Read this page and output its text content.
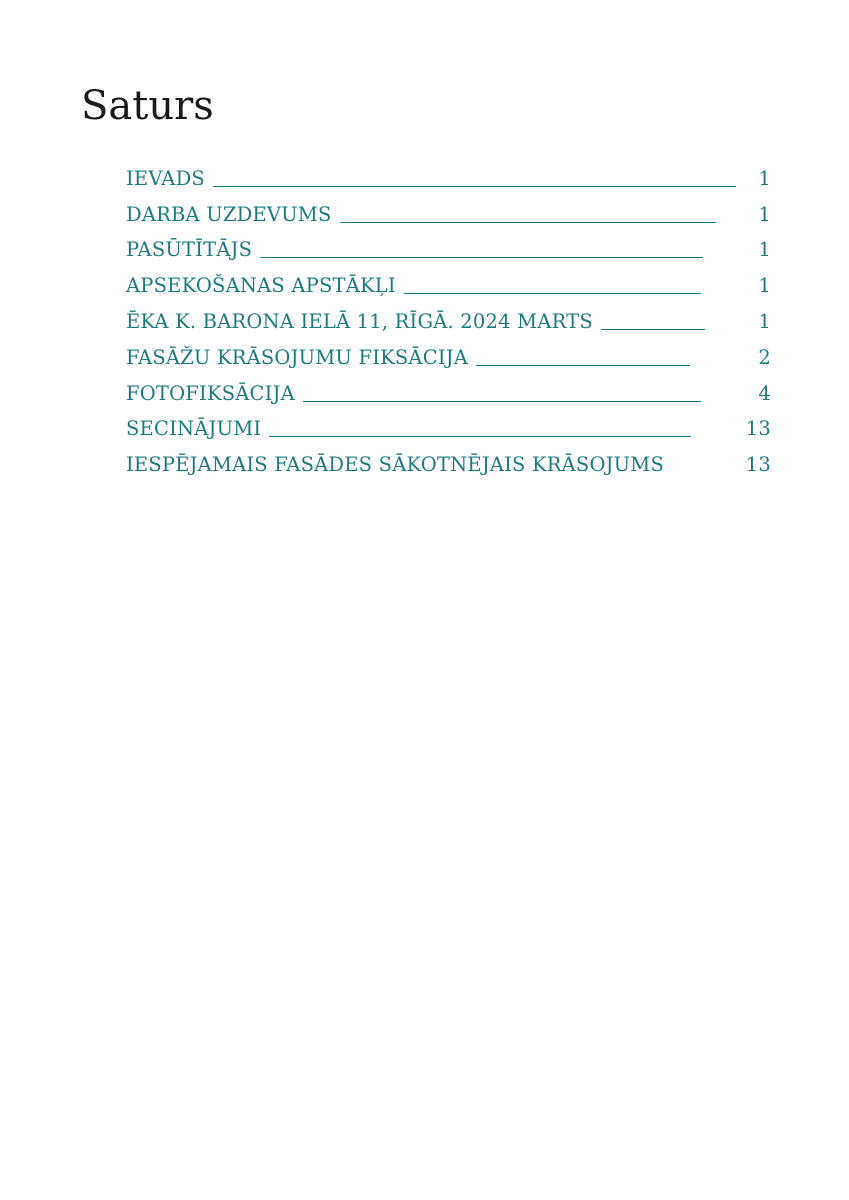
Saturs
IEVADS	1
DARBA UZDEVUMS	1
PASŪTĪTĀJS	1
APSEKOŠANAS APSTĀKĻI	1
ĒKA K. BARONA IELĀ 11, RĪGĀ. 2024 MARTS	1
FASĀŽU KRĀSOJUMU FIKSĀCIJA	2
FOTOFIKSĀCIJA	4
SECINĀJUMI	13
IESPĒJAMAIS FASĀDES SĀKOTNĒJAIS KRĀSOJUMS	13
